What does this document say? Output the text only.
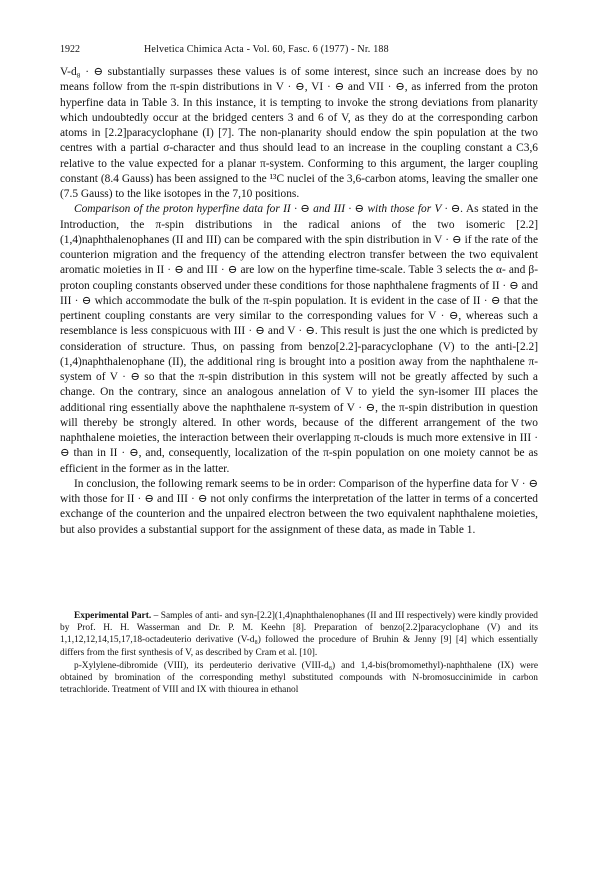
1922	Helvetica Chimica Acta - Vol. 60, Fasc. 6 (1977) - Nr. 188

V-d₈ · ⊖ substantially surpasses these values is of some interest, since such an increase does by no means follow from the π-spin distributions in V · ⊖, VI · ⊖ and VII · ⊖, as inferred from the proton hyperfine data in Table 3. In this instance, it is tempting to invoke the strong deviations from planarity which undoubtedly occur at the bridged centers 3 and 6 of V, as they do at the corresponding carbon atoms in [2.2]paracyclophane (I) [7]. The non-planarity should endow the spin population at the two centres with a partial σ-character and thus should lead to an increase in the coupling constant a C3,6 relative to the value expected for a planar π-system. Conforming to this argument, the larger coupling constant (8.4 Gauss) has been assigned to the ¹³C nuclei of the 3,6-carbon atoms, leaving the smaller one (7.5 Gauss) to the like isotopes in the 7,10 positions.

Comparison of the proton hyperfine data for II · ⊖ and III · ⊖ with those for V · ⊖. As stated in the Introduction, the π-spin distributions in the radical anions of the two isomeric [2.2](1,4)naphthalenophanes (II and III) can be compared with the spin distribution in V · ⊖ if the rate of the counterion migration and the frequency of the attending electron transfer between the two equivalent aromatic moieties in II · ⊖ and III · ⊖ are low on the hyperfine time-scale. Table 3 selects the α- and β-proton coupling constants observed under these conditions for those naphthalene fragments of II · ⊖ and III · ⊖ which accommodate the bulk of the π-spin population. It is evident in the case of II · ⊖ that the pertinent coupling constants are very similar to the corresponding values for V · ⊖, whereas such a resemblance is less conspicuous with III · ⊖ and V · ⊖. This result is just the one which is predicted by consideration of structure. Thus, on passing from benzo[2.2]-paracyclophane (V) to the anti-[2.2](1,4)naphthalenophane (II), the additional ring is brought into a position away from the naphthalene π-system of V · ⊖ so that the π-spin distribution in this system will not be greatly affected by such a change. On the contrary, since an analogous annelation of V to yield the syn-isomer III places the additional ring essentially above the naphthalene π-system of V · ⊖, the π-spin distribution in question will thereby be strongly altered. In other words, because of the different arrangement of the two naphthalene moieties, the interaction between their overlapping π-clouds is much more extensive in III · ⊖ than in II · ⊖, and, consequently, localization of the π-spin population on one moiety cannot be as efficient in the former as in the latter.

In conclusion, the following remark seems to be in order: Comparison of the hyperfine data for V · ⊖ with those for II · ⊖ and III · ⊖ not only confirms the interpretation of the latter in terms of a concerted exchange of the counterion and the unpaired electron between the two equivalent naphthalene moieties, but also provides a substantial support for the assignment of these data, as made in Table 1.

Experimental Part. – Samples of anti- and syn-[2.2](1,4)naphthalenophanes (II and III respectively) were kindly provided by Prof. H. H. Wasserman and Dr. P. M. Keehn [8]. Preparation of benzo[2.2]paracyclophane (V) and its 1,1,12,12,14,15,17,18-octadeuterio derivative (V-d₈) followed the procedure of Bruhin & Jenny [9] [4] which essentially differs from the first synthesis of V, as described by Cram et al. [10].

p-Xylylene-dibromide (VIII), its perdeuterio derivative (VIII-d₈) and 1,4-bis(bromomethyl)-naphthalene (IX) were obtained by bromination of the corresponding methyl substituted compounds with N-bromosuccinimide in carbon tetrachloride. Treatment of VIII and IX with thiourea in ethanol
